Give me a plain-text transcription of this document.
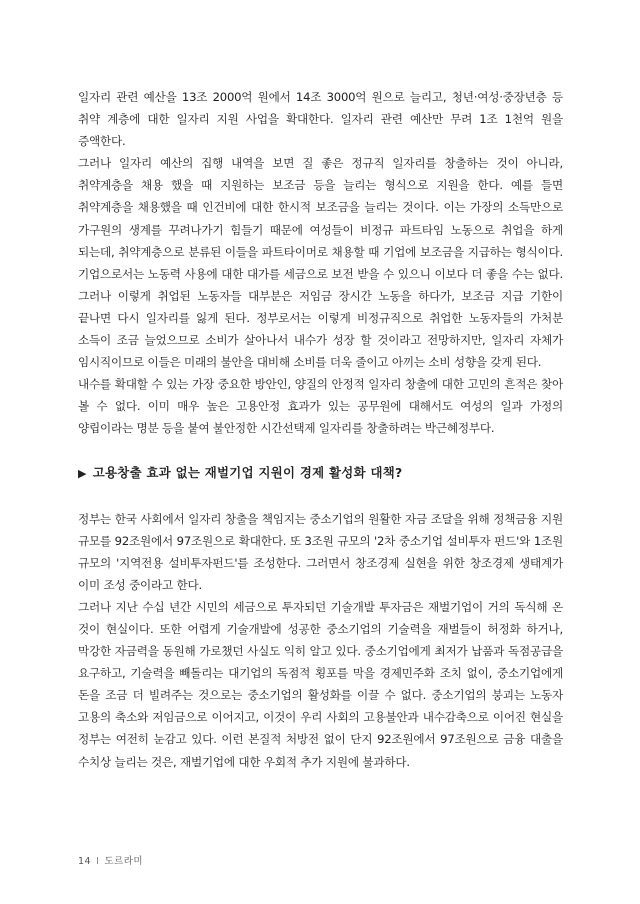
일자리 관련 예산을 13조 2000억 원에서 14조 3000억 원으로 늘리고, 청년·여성·중장년층 등 취약 계층에 대한 일자리 지원 사업을 확대한다. 일자리 관련 예산만 무려 1조 1천억 원을 증액한다.

그러나 일자리 예산의 집행 내역을 보면 질 좋은 정규직 일자리를 창출하는 것이 아니라, 취약계층을 채용 했을 때 지원하는 보조금 등을 늘리는 형식으로 지원을 한다. 예를 들면 취약계층을 채용했을 때 인건비에 대한 한시적 보조금을 늘리는 것이다. 이는 가장의 소득만으로 가구원의 생계를 꾸려나가기 힘들기 때문에 여성들이 비정규 파트타임 노동으로 취업을 하게 되는데, 취약계층으로 분류된 이들을 파트타이머로 채용할 때 기업에 보조금을 지급하는 형식이다. 기업으로서는 노동력 사용에 대한 대가를 세금으로 보전 받을 수 있으니 이보다 더 좋을 수는 없다. 그러나 이렇게 취업된 노동자들 대부분은 저임금 장시간 노동을 하다가, 보조금 지급 기한이 끝나면 다시 일자리를 잃게 된다. 정부로서는 이렇게 비정규직으로 취업한 노동자들의 가처분 소득이 조금 늘었으므로 소비가 살아나서 내수가 성장 할 것이라고 전망하지만, 일자리 자체가 임시직이므로 이들은 미래의 불안을 대비해 소비를 더욱 줄이고 아끼는 소비 성향을 갖게 된다.

내수를 확대할 수 있는 가장 중요한 방안인, 양질의 안정적 일자리 창출에 대한 고민의 흔적은 찾아 볼 수 없다. 이미 매우 높은 고용안정 효과가 있는 공무원에 대해서도 여성의 일과 가정의 양립이라는 명분 등을 붙여 불안정한 시간선택제 일자리를 창출하려는 박근혜정부다.

▶ 고용창출 효과 없는 재벌기업 지원이 경제 활성화 대책?

정부는 한국 사회에서 일자리 창출을 책임지는 중소기업의 원활한 자금 조달을 위해 정책금융 지원 규모를 92조원에서 97조원으로 확대한다. 또 3조원 규모의 '2차 중소기업 설비투자 펀드'와 1조원 규모의 '지역전용 설비투자펀드'를 조성한다. 그러면서 창조경제 실현을 위한 창조경제 생태계가 이미 조성 중이라고 한다.

그러나 지난 수십 년간 시민의 세금으로 투자되던 기술개발 투자금은 재벌기업이 거의 독식해 온 것이 현실이다. 또한 어렵게 기술개발에 성공한 중소기업의 기술력을 재벌들이 허정화 하거나, 막강한 자금력을 동원해 가로챘던 사실도 익히 알고 있다. 중소기업에게 최저가 납품과 독점공급을 요구하고, 기술력을 빼돌리는 대기업의 독점적 횡포를 막을 경제민주화 조치 없이, 중소기업에게 돈을 조금 더 빌려주는 것으로는 중소기업의 활성화를 이끌 수 없다. 중소기업의 붕괴는 노동자 고용의 축소와 저임금으로 이어지고, 이것이 우리 사회의 고용불안과 내수감축으로 이어진 현실을 정부는 여전히 눈감고 있다. 이런 본질적 처방전 없이 단지 92조원에서 97조원으로 금융 대출을 수치상 늘리는 것은, 재벌기업에 대한 우회적 추가 지원에 불과하다.

14 I 도르라미
